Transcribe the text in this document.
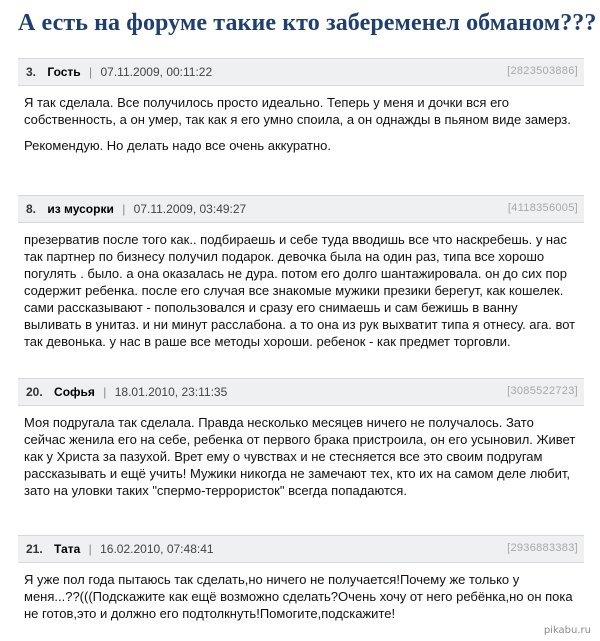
А есть на форуме такие кто забеременел обманом???
3. Гость | 07.11.2009, 00:11:22	[2823503886]

Я так сделала. Все получилось просто идеально. Теперь у меня и дочки вся его собственность, а он умер, так как я его умно споила, а он однажды в пьяном виде замерз.

Рекомендую. Но делать надо все очень аккуратно.

8. из мусорки | 07.11.2009, 03:49:27	[4118356005]

презерватив после того как.. подбираешь и себе туда вводишь все что наскребешь. у нас так партнер по бизнесу получил подарок. девочка была на один раз, типа все хорошо погулять . было. а она оказалась не дура. потом его долго шантажировала. он до сих пор содержит ребенка. после его случая все знакомые мужики презики берегут, как кошелек. сами рассказывают - попользовался и сразу его снимаешь и сам бежишь в ванну выливать в унитаз. и ни минут расслабона. а то она из рук выхватит типа я отнесу. ага. вот так девонька. у нас в раше все методы хороши. ребенок - как предмет торговли.

20. Софья | 18.01.2010, 23:11:35	[3085522723]

Моя подругала так сделала. Правда несколько месяцев ничего не получалось. Зато сейчас женила его на себе, ребенка от первого брака пристроила, он его усыновил. Живет как у Христа за пазухой. Врет ему о чувствах и не стесняется все это своим подругам рассказывать и ещё учить! Мужики никогда не замечают тех, кто их на самом деле любит, зато на уловки таких "спермо-террористок" всегда попадаются.

21. Тата | 16.02.2010, 07:48:41	[2936883383]

Я уже пол года пытаюсь так сделать,но ничего не получается!Почему же только у меня...??(((Подскажите как ещё возможно сделать?Очень хочу от него ребёнка,но он пока не готов,это и должно его подтолкнуть!Помогите,подскажите!

pikabu.ru
